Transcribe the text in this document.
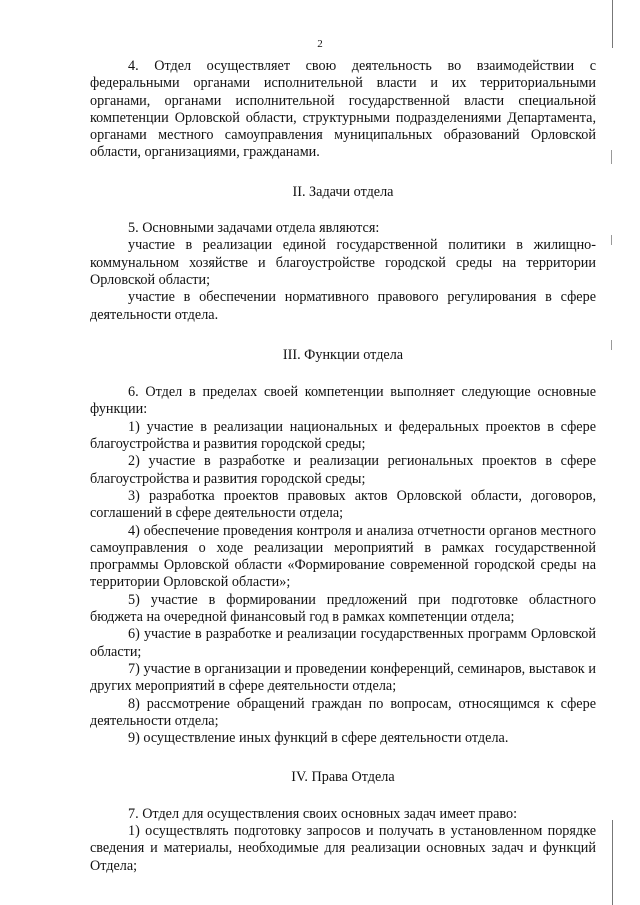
2

4. Отдел осуществляет свою деятельность во взаимодействии с федеральными органами исполнительной власти и их территориальными органами, органами исполнительной государственной власти специальной компетенции Орловской области, структурными подразделениями Департамента, органами местного самоуправления муниципальных образований Орловской области, организациями, гражданами.

II. Задачи отдела

5. Основными задачами отдела являются:

участие в реализации единой государственной политики в жилищно-коммунальном хозяйстве и благоустройстве городской среды на территории Орловской области;

участие в обеспечении нормативного правового регулирования в сфере деятельности отдела.

III. Функции отдела

6. Отдел в пределах своей компетенции выполняет следующие основные функции:

1) участие в реализации национальных и федеральных проектов в сфере благоустройства и развития городской среды;

2) участие в разработке и реализации региональных проектов в сфере благоустройства и развития городской среды;

3) разработка проектов правовых актов Орловской области, договоров, соглашений в сфере деятельности отдела;

4) обеспечение проведения контроля и анализа отчетности органов местного самоуправления о ходе реализации мероприятий в рамках государственной программы Орловской области «Формирование современной городской среды на территории Орловской области»;

5) участие в формировании предложений при подготовке областного бюджета на очередной финансовый год в рамках компетенции отдела;

6) участие в разработке и реализации государственных программ Орловской области;

7) участие в организации и проведении конференций, семинаров, выставок и других мероприятий в сфере деятельности отдела;

8) рассмотрение обращений граждан по вопросам, относящимся к сфере деятельности отдела;

9) осуществление иных функций в сфере деятельности отдела.

IV. Права Отдела

7. Отдел для осуществления своих основных задач имеет право:

1) осуществлять подготовку запросов и получать в установленном порядке сведения и материалы, необходимые для реализации основных задач и функций Отдела;
